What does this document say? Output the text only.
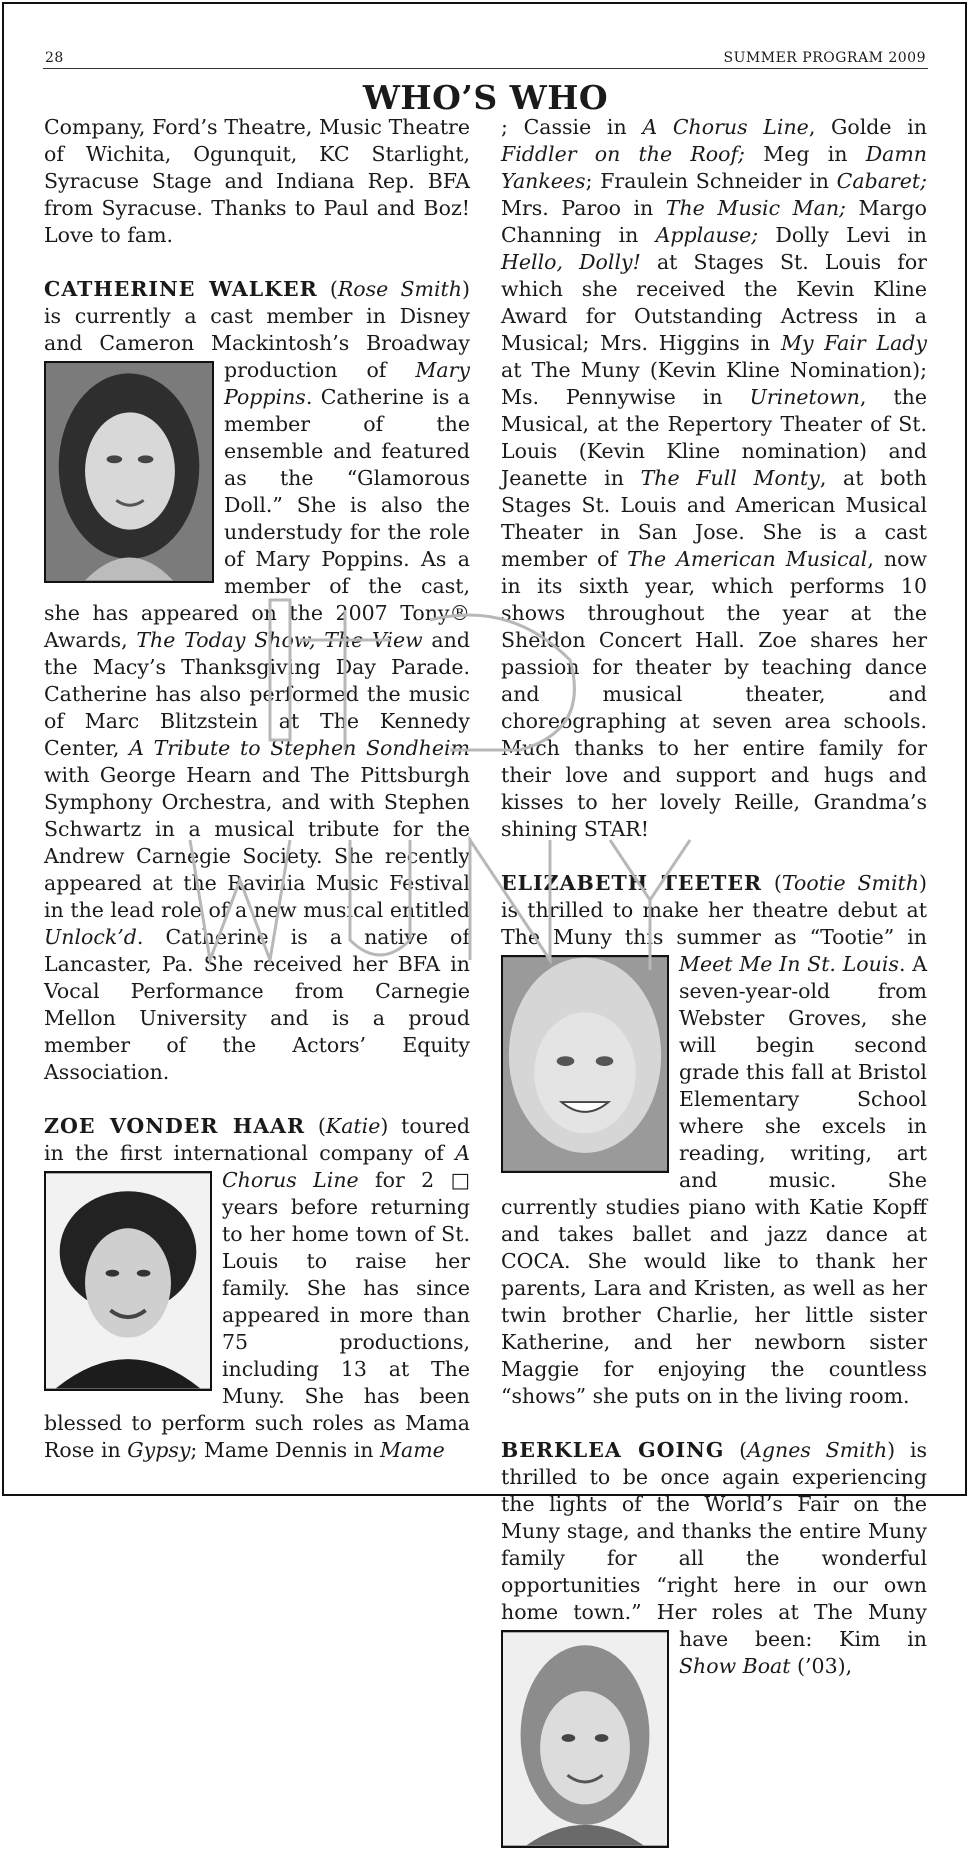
28	SUMMER PROGRAM 2009
WHO’S WHO

Company, Ford’s Theatre, Music Theatre of Wichita, Ogunquit, KC Starlight, Syracuse Stage and Indiana Rep. BFA from Syracuse. Thanks to Paul and Boz! Love to fam.

CATHERINE WALKER (Rose Smith) is currently a cast member in Disney and Cameron Mackintosh’s Broadway production of
Mary Poppins. Catherine is a member of the ensemble and featured as the “Glamorous Doll.” She is also the understudy for the role of Mary Poppins. As a member of the cast, she has appeared on the 2007 Tony® Awards, The Today Show, The View and the Macy’s Thanksgiving Day Parade. Catherine has also performed the music of Marc Blitzstein at The Kennedy Center, A Tribute to Stephen Sondheim with George Hearn and The Pittsburgh Symphony Orchestra, and with Stephen Schwartz in a musical tribute for the Andrew Carnegie Society. She recently appeared at the Ravinia Music Festival in the lead role of a new musical entitled Unlock’d. Catherine is a native of Lancaster, Pa. She received her BFA in Vocal Performance from Carnegie Mellon University and is a proud member of the Actors’ Equity Association.

ZOE VONDER HAAR (Katie) toured in the first international company of A Chorus Line
for 2 □ years before returning to her home town of St. Louis to raise her family. She has since appeared in more than 75 productions, including 13 at The Muny. She has been blessed to perform such roles as Mama Rose in Gypsy; Mame Dennis in Mame

; Cassie in A Chorus Line, Golde in Fiddler on the Roof; Meg in Damn Yankees; Fraulein Schneider in Cabaret; Mrs. Paroo in The Music Man; Margo Channing in Applause; Dolly Levi in Hello, Dolly! at Stages St. Louis for which she received the Kevin Kline Award for Outstanding Actress in a Musical; Mrs. Higgins in My Fair Lady at The Muny (Kevin Kline Nomination); Ms. Pennywise in Urinetown, the Musical, at the Repertory Theater of St. Louis (Kevin Kline nomination) and Jeanette in The Full Monty, at both Stages St. Louis and American Musical Theater in San Jose. She is a cast member of The American Musical, now in its sixth year, which performs 10 shows throughout the year at the Sheldon Concert Hall. Zoe shares her passion for theater by teaching dance and musical theater, and choreographing at seven area schools. Much thanks to her entire family for their love and support and hugs and kisses to her lovely Reille, Grandma’s shining STAR!

ELIZABETH TEETER (Tootie Smith) is thrilled to make her theatre debut at The Muny this summer as “Tootie” in
Meet Me In St. Louis. A seven-year-old from Webster Groves, she will begin second grade this fall at Bristol Elementary School where she excels in reading, writing, art and music. She currently studies piano with Katie Kopff and takes ballet and jazz dance at COCA. She would like to thank her parents, Lara and Kristen, as well as her twin brother Charlie, her little sister Katherine, and her newborn sister Maggie for enjoying the countless “shows” she puts on in the living room.

BERKLEA GOING (Agnes Smith) is thrilled to be once again experiencing the lights of the World’s Fair on the Muny stage, and thanks the entire Muny family for all the wonderful opportunities “right here in our own home town.” Her roles at The Muny have been: Kim in
Show Boat (’03),
